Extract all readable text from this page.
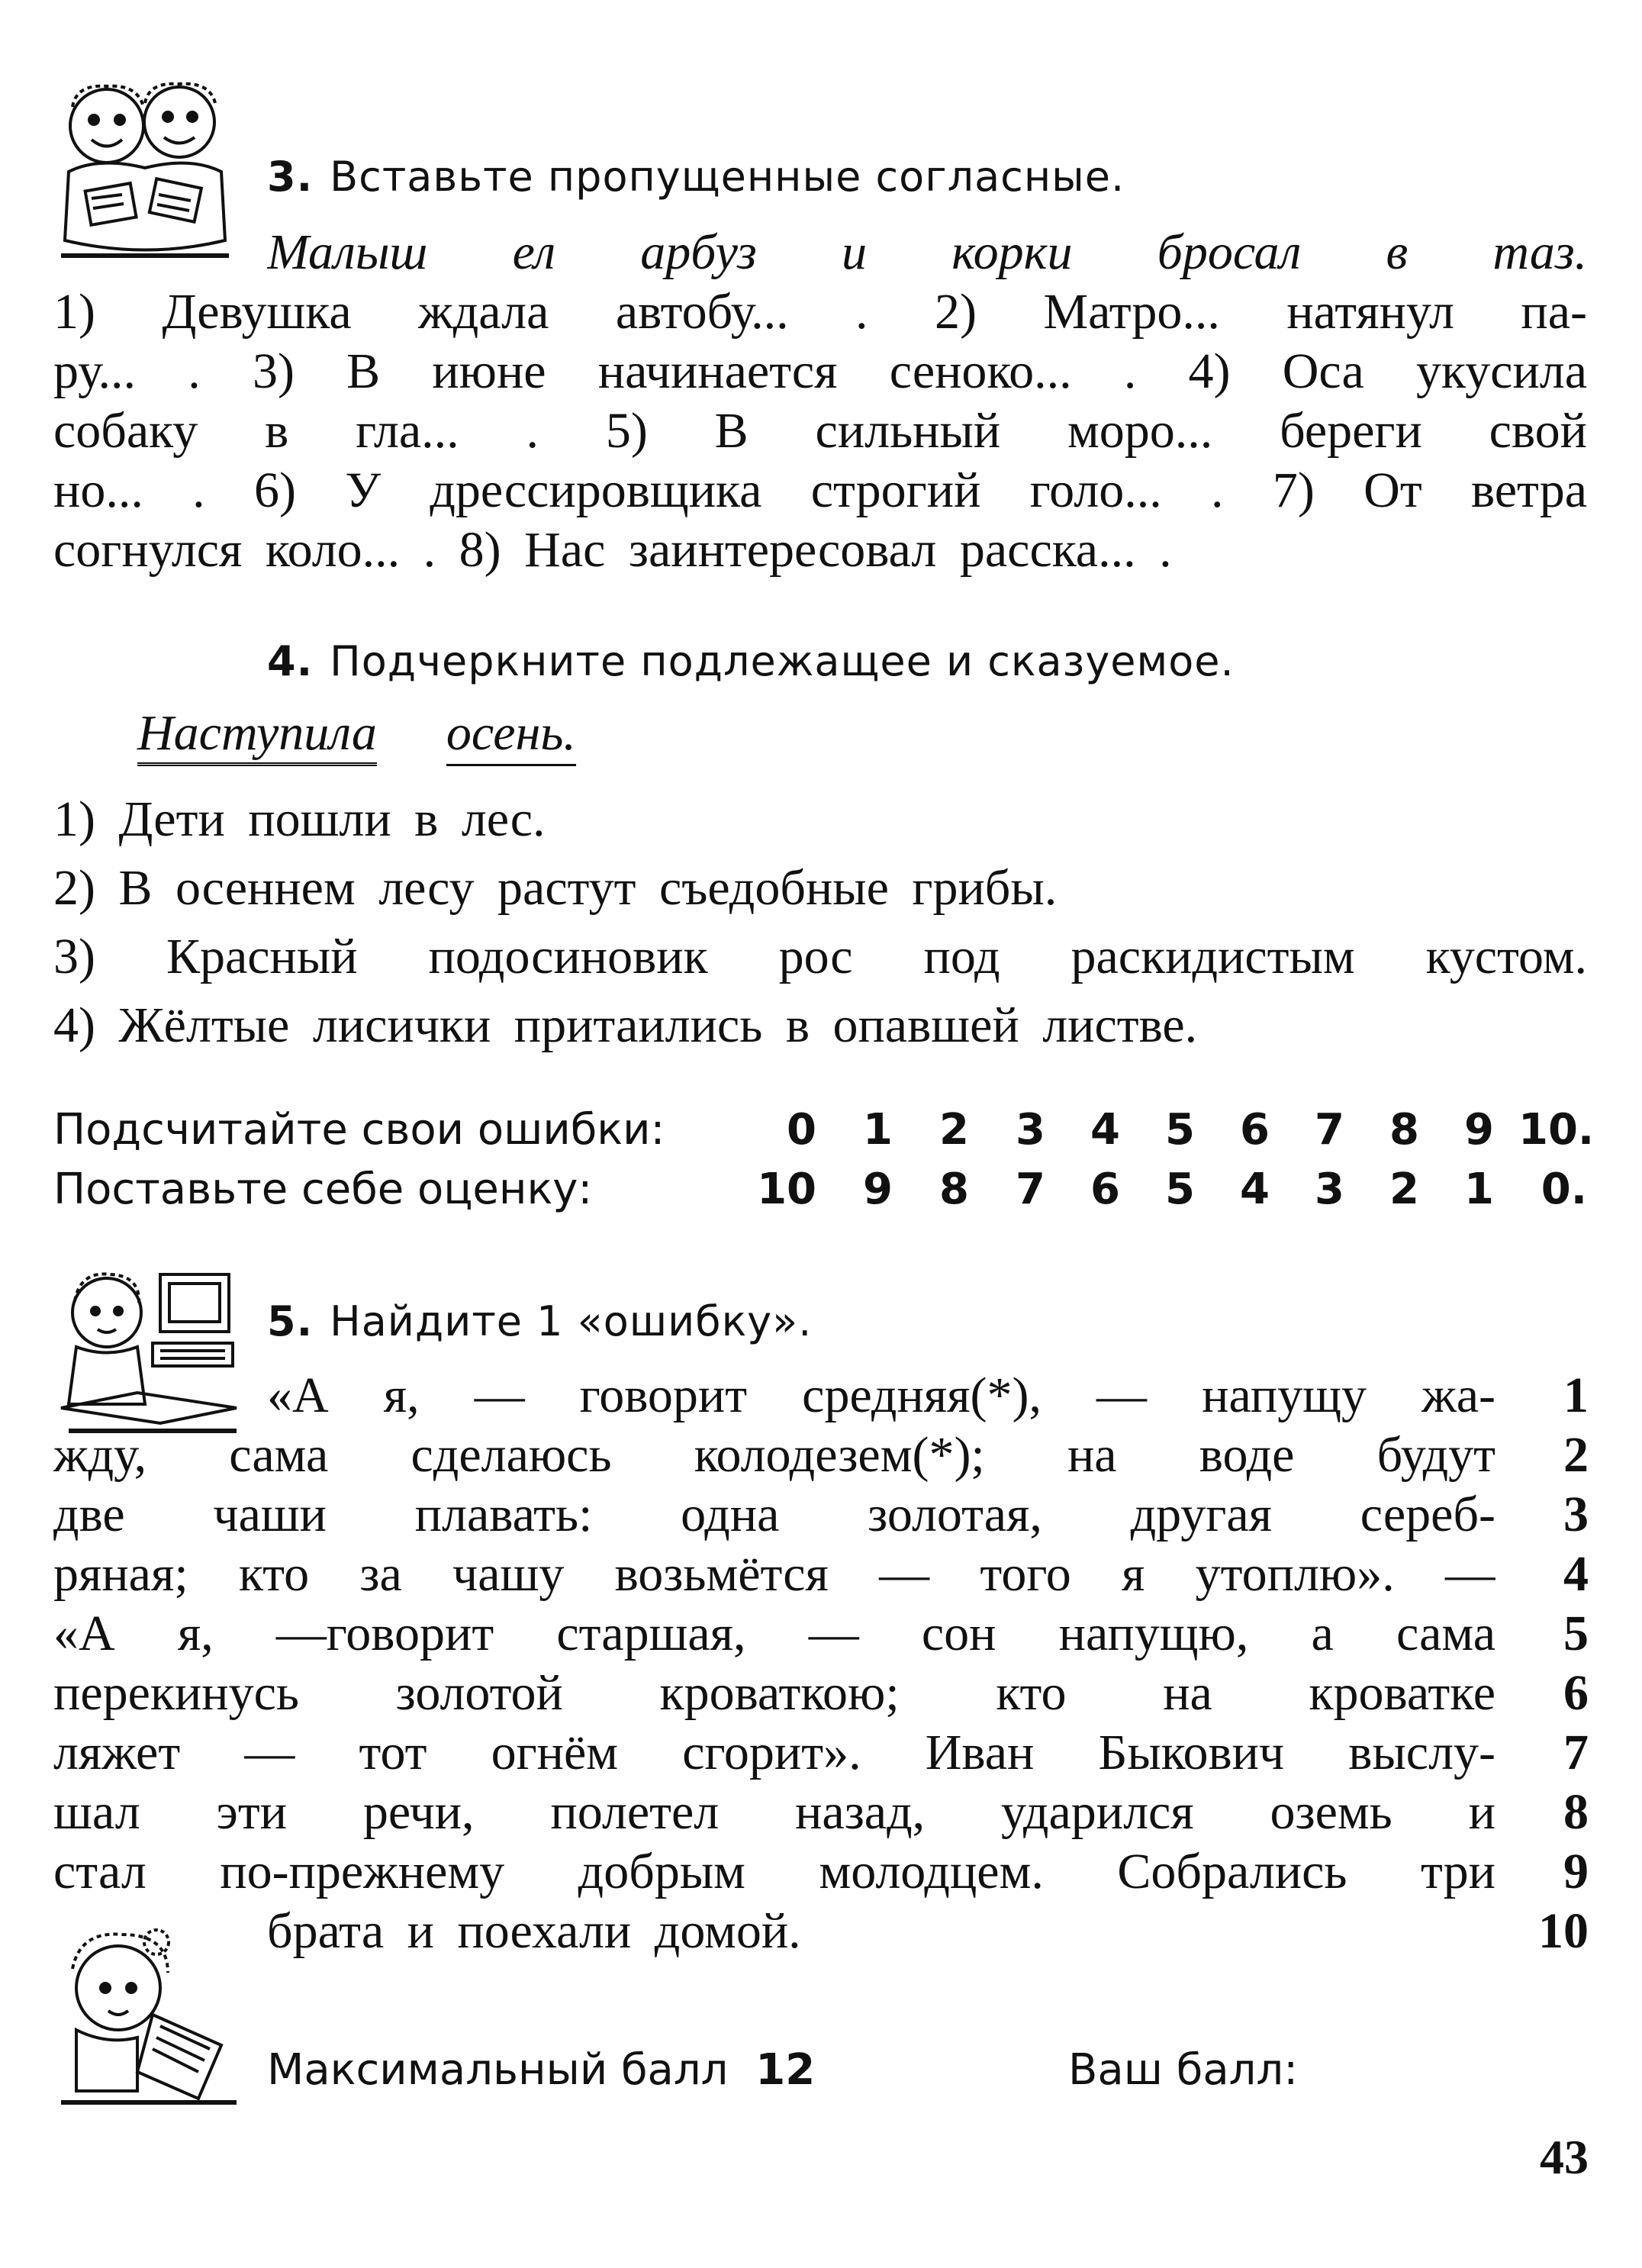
3. Вставьте пропущенные согласные.
Малыш ел арбуз и корки бросал в таз.
1) Девушка ждала автобу... . 2) Матро... натянул па-
ру... . 3) В июне начинается сеноко... . 4) Оса укусила
собаку в гла... . 5) В сильный моро... береги свой
но... . 6) У дрессировщика строгий голо... . 7) От ветра
согнулся коло... . 8) Нас заинтересовал расска... .
4. Подчеркните подлежащее и сказуемое.
Наступила осень.
1) Дети пошли в лес.
2) В осеннем лесу растут съедобные грибы.
3) Красный подосиновик рос под раскидистым кустом.
4) Жёлтые лисички притаились в опавшей листве.
Подсчитайте свои ошибки:
Поставьте себе оценку:
0	1	2	3	4	5	6	7	8	9 10.
10	9	8	7	6	5	4	3	2	1	0.
5. Найдите 1 «ошибку».
«А я, — говорит средняя(*), — напущу жа-
жду, сама сделаюсь колодезем(*); на воде будут
две чаши плавать: одна золотая, другая сереб-
ряная; кто за чашу возьмётся — того я утоплю». —
«А я, —говорит старшая, — сон напущю, а сама
перекинусь золотой кроваткою; кто на кроватке
ляжет — тот огнём сгорит». Иван Быкович выслу-
шал эти речи, полетел назад, ударился оземь и
стал по-прежнему добрым молодцем. Собрались три
брата и поехали домой.
1
2
3
4
5
6
7
8
9
10
Максимальный балл 12	Ваш балл:
43
